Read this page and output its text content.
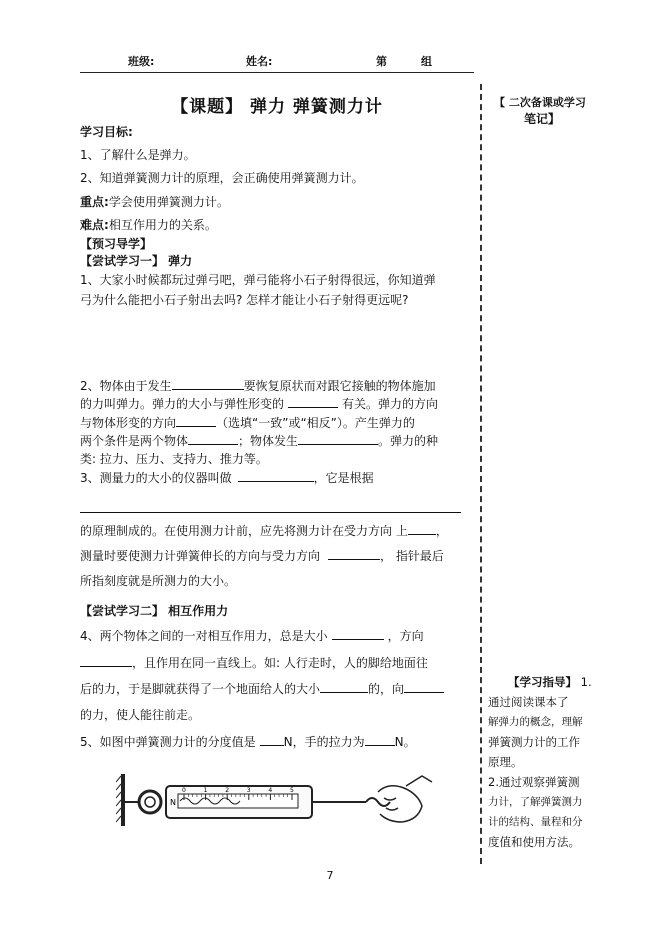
班级:	姓名:	第	组
【课题】 弹力 弹簧测力计
学习目标:
1、了解什么是弹力。
2、知道弹簧测力计的原理，会正确使用弹簧测力计。
重点:学会使用弹簧测力计。
难点:相互作用力的关系。
【预习导学】
【尝试学习一】 弹力
1、大家小时候都玩过弹弓吧，弹弓能将小石子射得很远，你知道弹
弓为什么能把小石子射出去吗? 怎样才能让小石子射得更远呢?
2、物体由于发生	要恢复原状而对跟它接触的物体施加
的力叫弹力。弹力的大小与弹性形变的	有关。弹力的方向
与物体形变的方向	（选填“一致”或“相反”）。产生弹力的
两个条件是两个物体	；物体发生	。弹力的种
类: 拉力、压力、支持力、推力等。
3、测量力的大小的仪器叫做	，它是根据
的原理制成的。在使用测力计前，应先将测力计在受力方向 上 ，
测量时要使测力计弹簧伸长的方向与受力方向	， 指针最后
所指刻度就是所测力的大小。
【尝试学习二】 相互作用力
4、两个物体之间的一对相互作用力，总是大小	，方向
，且作用在同一直线上。如: 人行走时，人的脚给地面往
后的力，于是脚就获得了一个地面给人的大小	的，向
的力，使人能往前走。
5、如图中弹簧测力计的分度值是 N，手的拉力为	N。
0	1	2	3	4	5
N
【 二次备课或学习
笔记】
【学习指导】 1.
通过阅读课本了
解弹力的概念，理解
弹簧测力计的工作
原理。
2.通过观察弹簧测
力计，了解弹簧测力
计的结构、量程和分
度值和使用方法。
7
